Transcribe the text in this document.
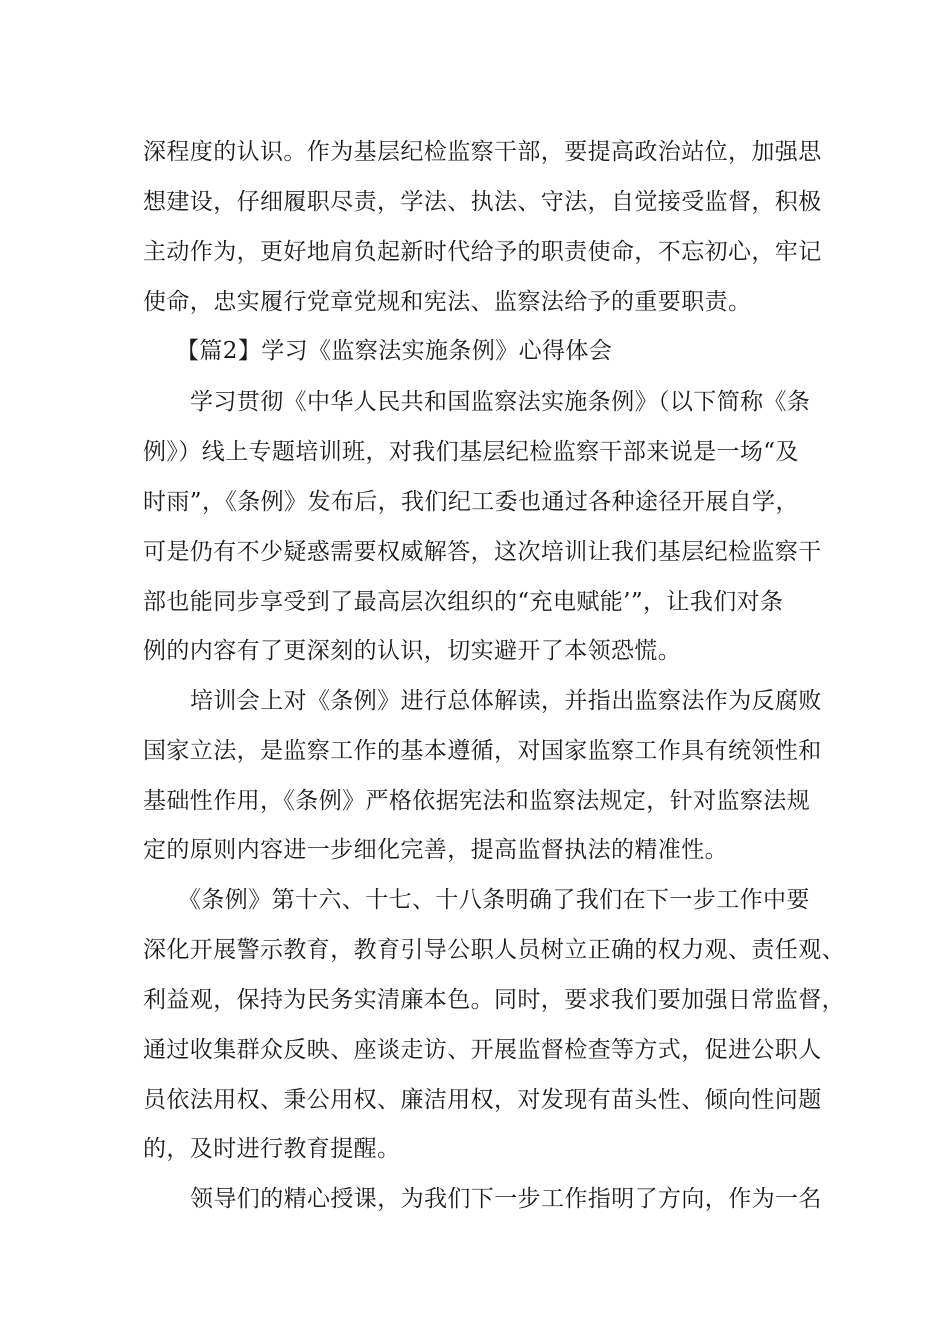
深程度的认识。作为基层纪检监察干部，要提高政治站位，加强思
想建设，仔细履职尽责，学法、执法、守法，自觉接受监督，积极
主动作为，更好地肩负起新时代给予的职责使命，不忘初心，牢记
使命，忠实履行党章党规和宪法、监察法给予的重要职责。
【篇2】学习《监察法实施条例》心得体会
学习贯彻《中华人民共和国监察法实施条例》（以下简称《条
例》）线上专题培训班，对我们基层纪检监察干部来说是一场“及
时雨”，《条例》发布后，我们纪工委也通过各种途径开展自学，
可是仍有不少疑惑需要权威解答，这次培训让我们基层纪检监察干
部也能同步享受到了最高层次组织的“充电赋能’”，让我们对条
例的内容有了更深刻的认识，切实避开了本领恐慌。
培训会上对《条例》进行总体解读，并指出监察法作为反腐败
国家立法，是监察工作的基本遵循，对国家监察工作具有统领性和
基础性作用，《条例》严格依据宪法和监察法规定，针对监察法规
定的原则内容进一步细化完善，提高监督执法的精准性。
《条例》第十六、十七、十八条明确了我们在下一步工作中要
深化开展警示教育，教育引导公职人员树立正确的权力观、责任观、
利益观，保持为民务实清廉本色。同时，要求我们要加强日常监督，
通过收集群众反映、座谈走访、开展监督检查等方式，促进公职人
员依法用权、秉公用权、廉洁用权，对发现有苗头性、倾向性问题
的，及时进行教育提醒。
领导们的精心授课，为我们下一步工作指明了方向，作为一名
